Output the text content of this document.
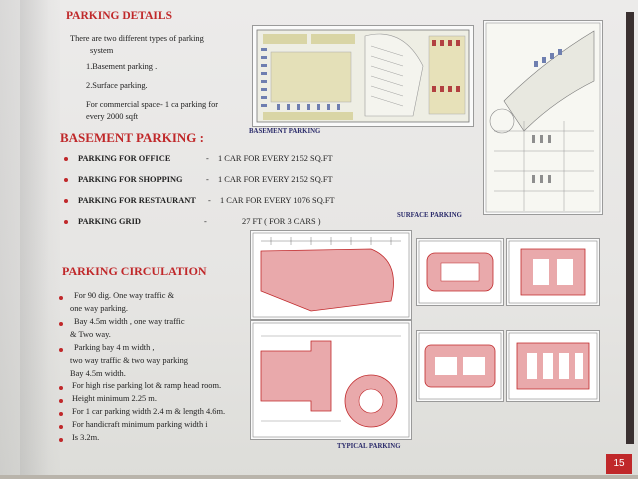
PARKING DETAILS
There are two different types of parking
system
1.Basement parking .
2.Surface parking.
For commercial space- 1 ca parking for
every 2000 sqft
BASEMENT PARKING :
PARKING FOR OFFICE	- 1 CAR FOR EVERY 2152 SQ.FT
PARKING FOR SHOPPING	- 1 CAR FOR EVERY 2152 SQ.FT
PARKING FOR RESTAURANT - 1 CAR FOR EVERY 1076 SQ.FT
PARKING GRID	-	27 FT ( FOR 3 CARS )
PARKING CIRCULATION
For 90 dig. One way traffic &
one way parking.
Bay 4.5m width , one way traffic
& Two way.
Parking bay 4 m width ,
two way traffic & two way parking
Bay 4.5m width.
For high rise parking lot & ramp head room.
Height minimum 2.25 m.
For 1 car parking width 2.4 m & length 4.6m.
For handicraft minimum parking width i
Is 3.2m.
BASEMENT PARKING
SURFACE PARKING
TYPICAL PARKING
15
